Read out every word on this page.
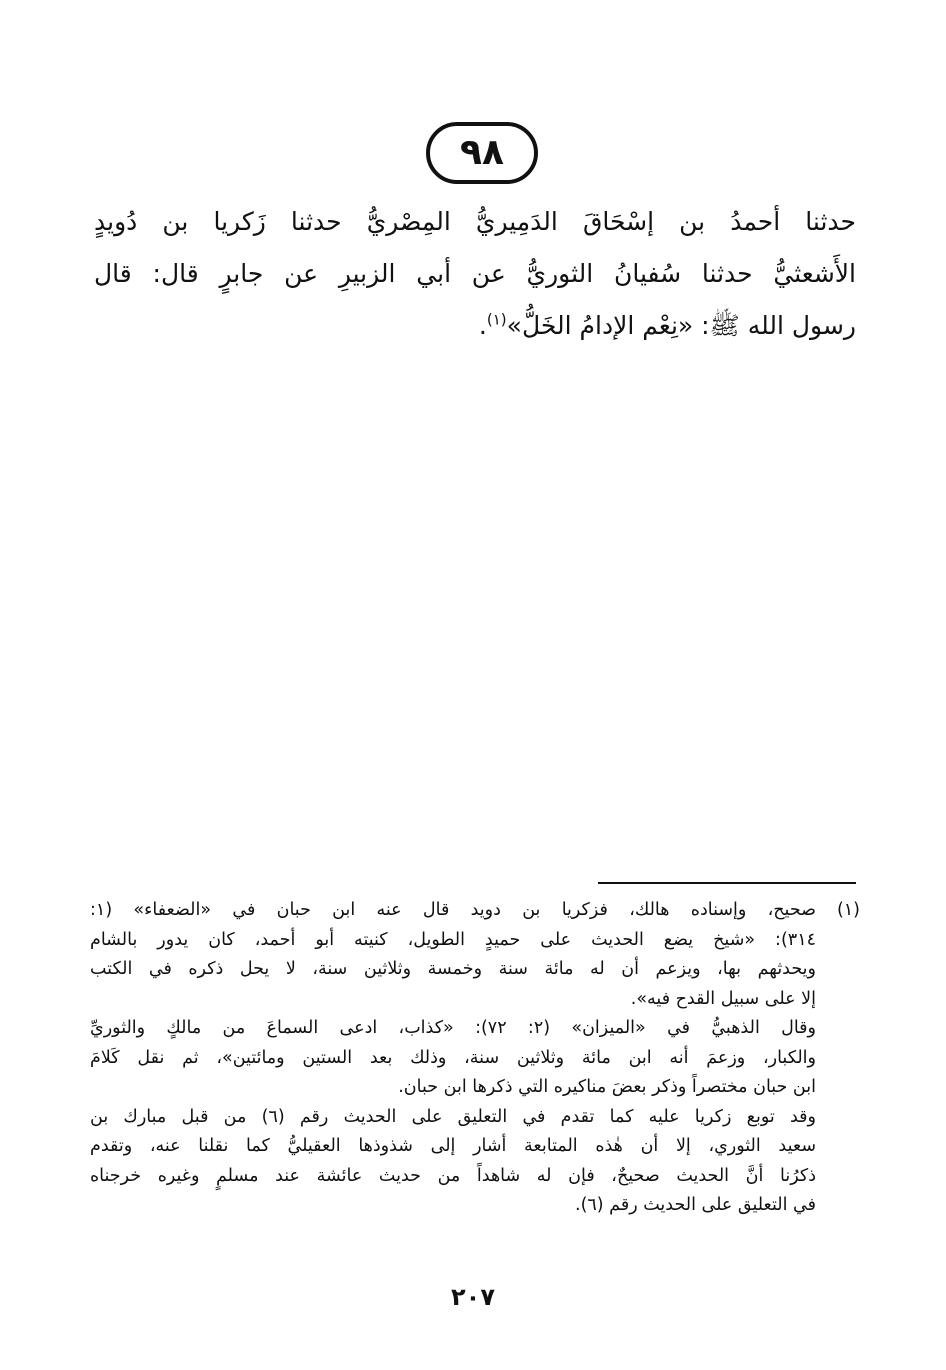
٩٨
حدثنا أحمدُ بن إسْحَاقَ الدَمِيريُّ المِصْريُّ حدثنا زَكريا بن دُويدٍ
الأَشعثيُّ حدثنا سُفيانُ الثوريُّ عن أبي الزبيرِ عن جابرٍ قال: قال
رسول الله ﷺ: «نِعْم الإدامُ الخَلُّ»$^{(١)}$.
(١)
صحيح، وإسناده هالك، فزكريا بن دويد قال عنه ابن حبان في «الضعفاء» (١:
٣١٤): «شيخ يضع الحديث على حميدٍ الطويل، كنيته أبو أحمد، كان يدور بالشام
ويحدثهم بها، ويزعم أن له مائة سنة وخمسة وثلاثين سنة، لا يحل ذكره في الكتب
إلا على سبيل القدح فيه».
وقال الذهبيُّ في «الميزان» (٢: ٧٢): «كذاب، ادعى السماعَ من مالكٍ والثوريِّ
والكبار، وزعمَ أنه ابن مائة وثلاثين سنة، وذلك بعد الستين ومائتين»، ثم نقل كَلامَ
ابن حبان مختصراً وذكر بعضَ مناكيره التي ذكرها ابن حبان.
وقد توبع زكريا عليه كما تقدم في التعليق على الحديث رقم (٦) من قبل مبارك بن
سعيد الثوري، إلا أن هٰذه المتابعة أشار إلى شذوذها العقيليُّ كما نقلنا عنه، وتقدم
ذكرُنا أنَّ الحديث صحيحٌ، فإن له شاهداً من حديث عائشة عند مسلمٍ وغيره خرجناه
في التعليق على الحديث رقم (٦).
٢٠٧
